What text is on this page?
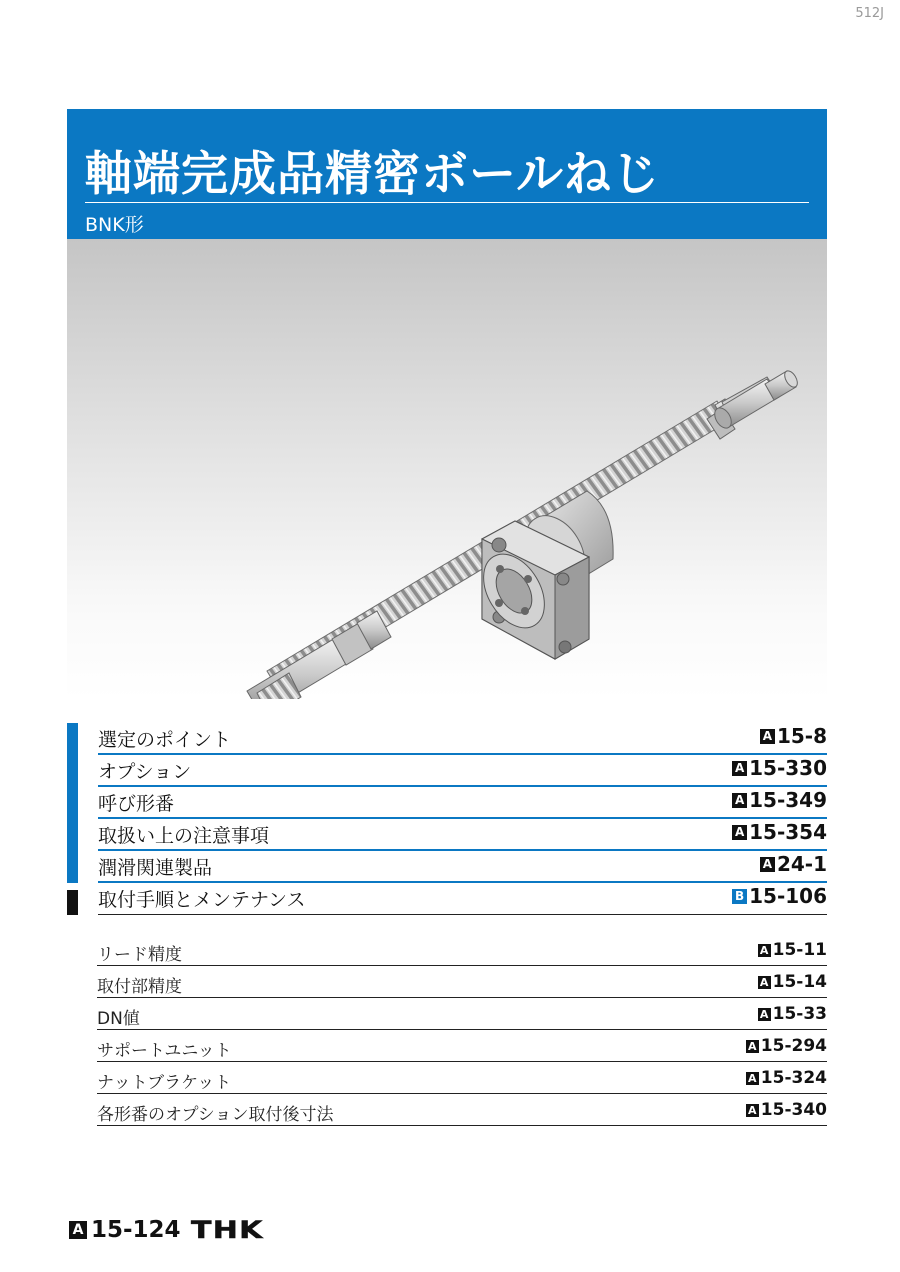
512J
軸端完成品精密ボールねじ
BNK形
選定のポイント	A 15-8
オプション	A 15-330
呼び形番	A 15-349
取扱い上の注意事項	A 15-354
潤滑関連製品	A 24-1
取付手順とメンテナンス	B 15-106
リード精度	A 15-11
取付部精度	A 15-14
DN値	A 15-33
サポートユニット	A 15-294
ナットブラケット	A 15-324
各形番のオプション取付後寸法	A 15-340
A 15-124 THK
